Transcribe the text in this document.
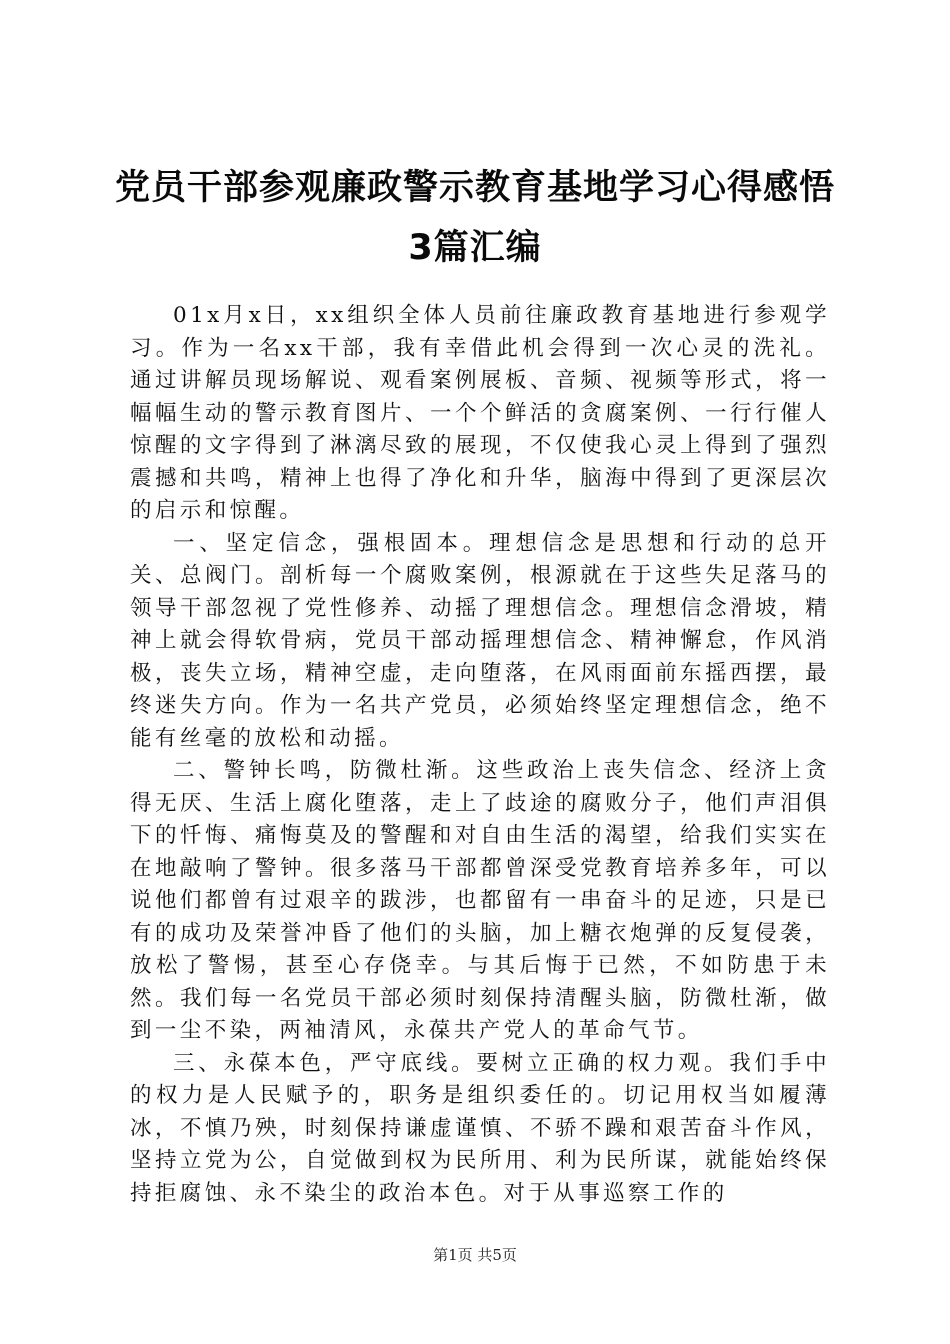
党员干部参观廉政警示教育基地学习心得感悟
3篇汇编

01x月x日，xx组织全体人员前往廉政教育基地进行参观学习。作为一名xx干部，我有幸借此机会得到一次心灵的洗礼。通过讲解员现场解说、观看案例展板、音频、视频等形式，将一幅幅生动的警示教育图片、一个个鲜活的贪腐案例、一行行催人惊醒的文字得到了淋漓尽致的展现，不仅使我心灵上得到了强烈震撼和共鸣，精神上也得了净化和升华，脑海中得到了更深层次的启示和惊醒。

一、坚定信念，强根固本。理想信念是思想和行动的总开关、总阀门。剖析每一个腐败案例，根源就在于这些失足落马的领导干部忽视了党性修养、动摇了理想信念。理想信念滑坡，精神上就会得软骨病，党员干部动摇理想信念、精神懈怠，作风消极，丧失立场，精神空虚，走向堕落，在风雨面前东摇西摆，最终迷失方向。作为一名共产党员，必须始终坚定理想信念，绝不能有丝毫的放松和动摇。

二、警钟长鸣，防微杜渐。这些政治上丧失信念、经济上贪得无厌、生活上腐化堕落，走上了歧途的腐败分子，他们声泪俱下的忏悔、痛悔莫及的警醒和对自由生活的渴望，给我们实实在在地敲响了警钟。很多落马干部都曾深受党教育培养多年，可以说他们都曾有过艰辛的跋涉，也都留有一串奋斗的足迹，只是已有的成功及荣誉冲昏了他们的头脑，加上糖衣炮弹的反复侵袭，放松了警惕，甚至心存侥幸。与其后悔于已然，不如防患于未然。我们每一名党员干部必须时刻保持清醒头脑，防微杜渐，做到一尘不染，两袖清风，永葆共产党人的革命气节。

三、永葆本色，严守底线。要树立正确的权力观。我们手中的权力是人民赋予的，职务是组织委任的。切记用权当如履薄冰，不慎乃殃，时刻保持谦虚谨慎、不骄不躁和艰苦奋斗作风，坚持立党为公，自觉做到权为民所用、利为民所谋，就能始终保持拒腐蚀、永不染尘的政治本色。对于从事巡察工作的

第1页 共5页
